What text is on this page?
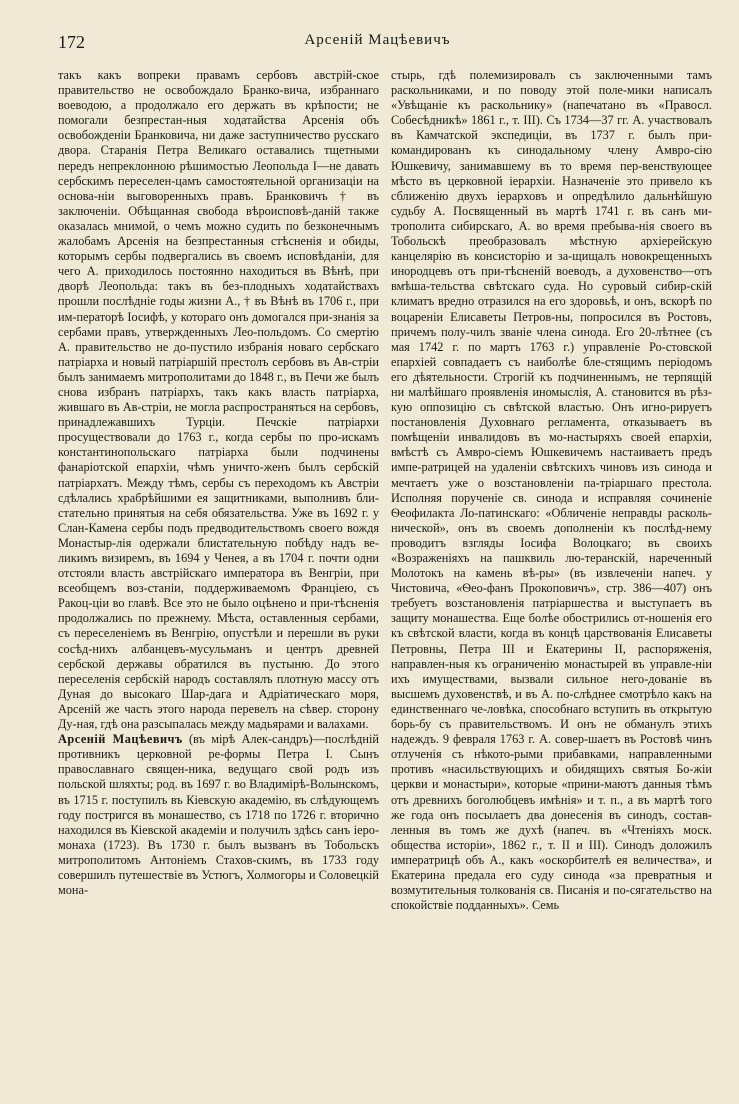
172	Арсеній Мацѣевичъ

такъ какъ вопреки правамъ сербовъ австрій-ское правительство не освобождало Бранко-вича, избраннаго воеводою, а продолжало его держать въ крѣпости; не помогали безпрестан-ныя ходатайства Арсенія объ освобожденіи Бранковича, ни даже заступничество русскаго двора. Старанія Петра Великаго оставались тщетными передъ непреклонною рѣшимостью Леопольда I—не давать сербскимъ переселен-цамъ самостоятельной организаціи на основа-ніи выговоренныхъ правъ. Бранковичъ † въ заключеніи. Обѣщанная свобода вѣроисповѣ-даній также оказалась мнимой, о чемъ можно судить по безконечнымъ жалобамъ Арсенія на безпрестанныя стѣсненія и обиды, которымъ сербы подвергались въ своемъ исповѣданіи, для чего А. приходилось постоянно находиться въ Вѣнѣ, при дворѣ Леопольда: такъ въ без-плодныхъ ходатайствахъ прошли послѣдніе годы жизни А., † въ Вѣнѣ въ 1706 г., при им-ператорѣ Іосифѣ, у котораго онъ домогался при-знанія за сербами правъ, утвержденныхъ Лео-польдомъ. Со смертію А. правительство не до-пустило избранія новаго сербскаго патріарха и новый патріаршій престолъ сербовъ въ Ав-стріи былъ занимаемъ митрополитами до 1848 г., въ Печи же былъ снова избранъ патріархъ, такъ какъ власть патріарха, жившаго въ Ав-стріи, не могла распространяться на сербовъ, принадлежавшихъ Турціи. Печскіе патріархи просуществовали до 1763 г., когда сербы по про-искамъ константинопольскаго патріарха были подчинены фанаріотской епархіи, чѣмъ уничто-женъ былъ сербскій патріархатъ. Между тѣмъ, сербы съ переходомъ къ Австріи сдѣлались храбрѣйшими ея защитниками, выполнивъ бли-стательно принятыя на себя обязательства. Уже въ 1692 г. у Слан-Камена сербы подъ предводительствомъ своего вождя Монастыр-лія одержали блистательную побѣду надъ ве-ликимъ визиремъ, въ 1694 у Ченея, а въ 1704 г. почти одни отстояли власть австрійскаго императора въ Венгріи, при всеобщемъ воз-станіи, поддерживаемомъ Франціею, съ Ракоц-ціи во главѣ. Все это не было оцѣнено и при-тѣсненія продолжались по прежнему. Мѣста, оставленныя сербами, съ переселеніемъ въ Венгрію, опустѣли и перешли въ руки сосѣд-нихъ албанцевъ-мусульманъ и центръ древней сербской державы обратился въ пустыню. До этого переселенія сербскій народъ составлялъ плотную массу отъ Дуная до высокаго Шар-дага и Адріатическаго моря, Арсеній же часть этого народа перевелъ на сѣвер. сторону Ду-ная, гдѣ она разсыпалась между мадьярами и валахами.

Арсеній Мацѣевичъ (въ мірѣ Алек-сандръ)—послѣдній противникъ церковной ре-формы Петра I. Сынъ православнаго священ-ника, ведущаго свой родъ изъ польской шляхты; род. въ 1697 г. во Владимірѣ-Волынскомъ, въ 1715 г. поступилъ въ Кіевскую академію, въ слѣдующемъ году постригся въ монашество, съ 1718 по 1726 г. вторично находился въ Кіевской академіи и получилъ здѣсь санъ іеро-монаха (1723). Въ 1730 г. былъ вызванъ въ Тобольскъ митрополитомъ Антоніемъ Стахов-скимъ, въ 1733 году совершилъ путешествіе въ Устюгъ, Холмогоры и Соловецкій мона-

стырь, гдѣ полемизировалъ съ заключенными тамъ раскольниками, и по поводу этой поле-мики написалъ «Увѣщаніе къ раскольнику» (напечатано въ «Правосл. Собесѣдникѣ» 1861 г., т. III). Съ 1734—37 гг. А. участвовалъ въ Камчатской экспедиціи, въ 1737 г. былъ при-командированъ къ синодальному члену Амвро-сію Юшкевичу, занимавшему въ то время пер-венствующее мѣсто въ церковной іерархіи. Назначеніе это привело къ сближенію двухъ іерарховъ и опредѣлило дальнѣйшую судьбу А. Посвященный въ мартѣ 1741 г. въ санъ ми-трополита сибирскаго, А. во время пребыва-нія своего въ Тобольскѣ преобразовалъ мѣстную архіерейскую канцелярію въ консисторію и за-щищалъ новокрещенныхъ инородцевъ отъ при-тѣсненій воеводъ, а духовенство—отъ вмѣша-тельства свѣтскаго суда. Но суровый сибир-скій климатъ вредно отразился на его здоровьѣ, и онъ, вскорѣ по воцареніи Елисаветы Петров-ны, попросился въ Ростовъ, причемъ полу-чилъ званіе члена синода. Его 20-лѣтнее (съ мая 1742 г. по мартъ 1763 г.) управленіе Ро-стовской епархіей совпадаетъ съ наиболѣе бле-стящимъ періодомъ его дѣятельности. Строгій къ подчиненнымъ, не терпящій ни малѣйшаго проявленія иномыслія, А. становится въ рѣз-кую оппозицію съ свѣтской властью. Онъ игно-рируетъ постановленія Духовнаго регламента, отказываетъ въ помѣщеніи инвалидовъ въ мо-настыряхъ своей епархіи, вмѣстѣ съ Амвро-сіемъ Юшкевичемъ настаиваетъ предъ импе-ратрицей на удаленіи свѣтскихъ чиновъ изъ синода и мечтаетъ уже о возстановленіи па-тріаршаго престола. Исполняя порученіе св. синода и исправляя сочиненіе Ѳеофилакта Ло-патинскаго: «Обличеніе неправды расколь-нической», онъ въ своемъ дополненіи къ послѣд-нему проводитъ взгляды Іосифа Волоцкаго; въ своихъ «Возраженіяхъ на пашквиль лю-теранскій, нареченный Молотокъ на камень вѣ-ры» (въ извлеченіи напеч. у Чистовича, «Ѳео-фанъ Прокоповичъ», стр. 386—407) онъ требуетъ возстановленія патріаршества и выступаетъ въ защиту монашества. Еще болѣе обострились от-ношенія его къ свѣтской власти, когда въ концѣ царствованія Елисаветы Петровны, Петра III и Екатерины II, распоряженія, направлен-ныя къ ограниченію монастырей въ управле-ніи ихъ имуществами, вызвали сильное него-дованіе въ высшемъ духовенствѣ, и въ А. по-слѣднее смотрѣло какъ на единственнаго че-ловѣка, способнаго вступить въ открытую борь-бу съ правительствомъ. И онъ не обманулъ этихъ надеждъ. 9 февраля 1763 г. А. совер-шаетъ въ Ростовѣ чинъ отлученія съ нѣкото-рыми прибавками, направленными противъ «насильствующихъ и обидящихъ святыя Бо-жіи церкви и монастыри», которые «прини-маютъ данныя тѣмъ отъ древнихъ боголюбцевъ имѣнія» и т. п., а въ мартѣ того же года онъ посылаетъ два донесенія въ синодъ, состав-ленныя въ томъ же духѣ (напеч. въ «Чтеніяхъ моск. общества исторіи», 1862 г., т. II и III). Синодъ доложилъ императрицѣ объ А., какъ «оскорбителѣ ея величества», и Екатерина предала его суду синода «за превратныя и возмутительныя толкованія св. Писанія и по-сягательство на спокойствіе подданныхъ». Семь
